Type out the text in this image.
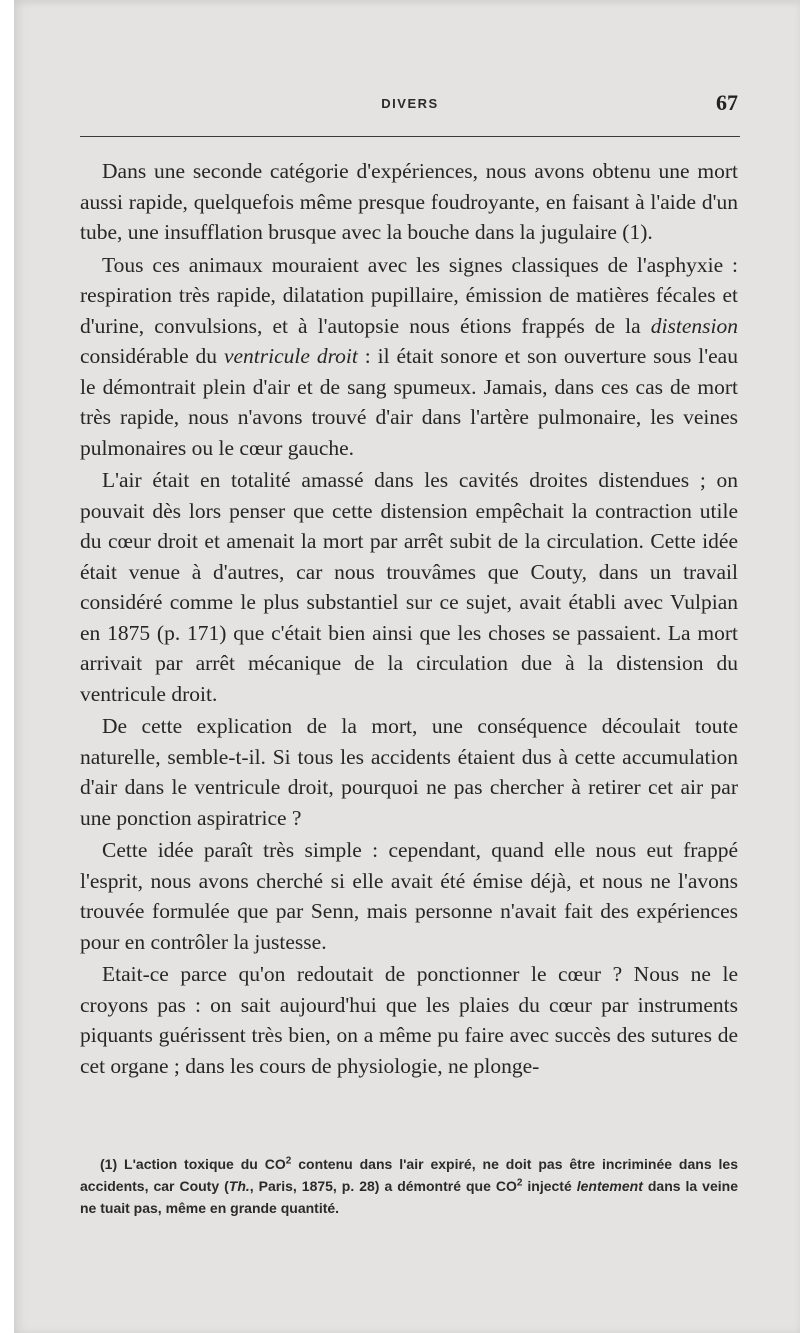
DIVERS	67

Dans une seconde catégorie d'expériences, nous avons obtenu une mort aussi rapide, quelquefois même presque foudroyante, en faisant à l'aide d'un tube, une insufflation brusque avec la bouche dans la jugulaire (1).

Tous ces animaux mouraient avec les signes classiques de l'asphyxie : respiration très rapide, dilatation pupillaire, émission de matières fécales et d'urine, convulsions, et à l'autopsie nous étions frappés de la distension considérable du ventricule droit : il était sonore et son ouverture sous l'eau le démontrait plein d'air et de sang spumeux. Jamais, dans ces cas de mort très rapide, nous n'avons trouvé d'air dans l'artère pulmonaire, les veines pulmonaires ou le cœur gauche.

L'air était en totalité amassé dans les cavités droites distendues ; on pouvait dès lors penser que cette distension empêchait la contraction utile du cœur droit et amenait la mort par arrêt subit de la circulation. Cette idée était venue à d'autres, car nous trouvâmes que Couty, dans un travail considéré comme le plus substantiel sur ce sujet, avait établi avec Vulpian en 1875 (p. 171) que c'était bien ainsi que les choses se passaient. La mort arrivait par arrêt mécanique de la circulation due à la distension du ventricule droit.

De cette explication de la mort, une conséquence découlait toute naturelle, semble-t-il. Si tous les accidents étaient dus à cette accumulation d'air dans le ventricule droit, pourquoi ne pas chercher à retirer cet air par une ponction aspiratrice ?

Cette idée paraît très simple : cependant, quand elle nous eut frappé l'esprit, nous avons cherché si elle avait été émise déjà, et nous ne l'avons trouvée formulée que par Senn, mais personne n'avait fait des expériences pour en contrôler la justesse.

Etait-ce parce qu'on redoutait de ponctionner le cœur ? Nous ne le croyons pas : on sait aujourd'hui que les plaies du cœur par instruments piquants guérissent très bien, on a même pu faire avec succès des sutures de cet organe ; dans les cours de physiologie, ne plonge-

(1) L'action toxique du $CO^2$ contenu dans l'air expiré, ne doit pas être incriminée dans les accidents, car Couty (Th., Paris, 1875, p. 28) a démontré que $CO^2$ injecté lentement dans la veine ne tuait pas, même en grande quantité.
